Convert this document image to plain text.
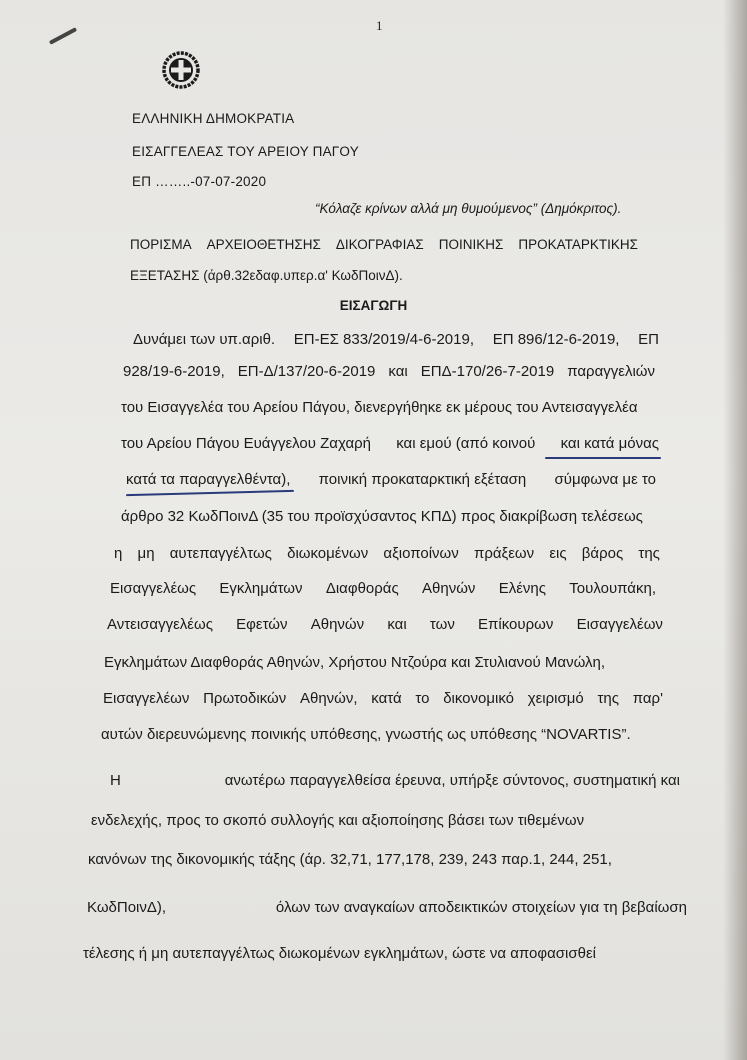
1
ΕΛΛΗΝΙΚΗ ΔΗΜΟΚΡΑΤΙΑ
ΕΙΣΑΓΓΕΛΕΑΣ ΤΟΥ ΑΡΕΙΟΥ ΠΑΓΟΥ
ΕΠ ……..-07-07-2020
“Κόλαζε κρίνων αλλά μη θυμούμενος” (Δημόκριτος).
ΠΟΡΙΣΜΑ ΑΡΧΕΙΟΘΕΤΗΣΗΣ ΔΙΚΟΓΡΑΦΙΑΣ ΠΟΙΝΙΚΗΣ ΠΡΟΚΑΤΑΡΚΤΙΚΗΣ
ΕΞΕΤΑΣΗΣ (άρθ.32εδαφ.υπερ.α' ΚωδΠοινΔ).
ΕΙΣΑΓΩΓΗ
Δυνάμει των υπ.αριθ. ΕΠ-ΕΣ 833/2019/4-6-2019, ΕΠ 896/12-6-2019, ΕΠ
928/19-6-2019, ΕΠ-Δ/137/20-6-2019 και ΕΠΔ-170/26-7-2019 παραγγελιών
του Εισαγγελέα του Αρείου Πάγου, διενεργήθηκε εκ μέρους του Αντεισαγγελέα
του Αρείου Πάγου Ευάγγελου Ζαχαρή και εμού (από κοινού και κατά μόνας
κατά τα παραγγελθέντα), ποινική προκαταρκτική εξέταση σύμφωνα με το
άρθρο 32 ΚωδΠοινΔ (35 του προϊσχύσαντος ΚΠΔ) προς διακρίβωση τελέσεως
η μη αυτεπαγγέλτως διωκομένων αξιοποίνων πράξεων εις βάρος της
Εισαγγελέως Εγκλημάτων Διαφθοράς Αθηνών Ελένης Τουλουπάκη,
Αντεισαγγελέως Εφετών Αθηνών και των Επίκουρων Εισαγγελέων
Εγκλημάτων Διαφθοράς Αθηνών, Χρήστου Ντζούρα και Στυλιανού Μανώλη,
Εισαγγελέων Πρωτοδικών Αθηνών, κατά το δικονομικό χειρισμό της παρ'
αυτών διερευνώμενης ποινικής υπόθεσης, γνωστής ως υπόθεσης “NOVARTIS”.
Η	ανωτέρω παραγγελθείσα έρευνα, υπήρξε σύντονος, συστηματική και
ενδελεχής, προς το σκοπό συλλογής και αξιοποίησης βάσει των τιθεμένων
κανόνων της δικονομικής τάξης (άρ. 32,71, 177,178, 239, 243 παρ.1, 244, 251,
ΚωδΠοινΔ),	όλων των αναγκαίων αποδεικτικών στοιχείων για τη βεβαίωση
τέλεσης ή μη αυτεπαγγέλτως διωκομένων εγκλημάτων, ώστε να αποφασισθεί
